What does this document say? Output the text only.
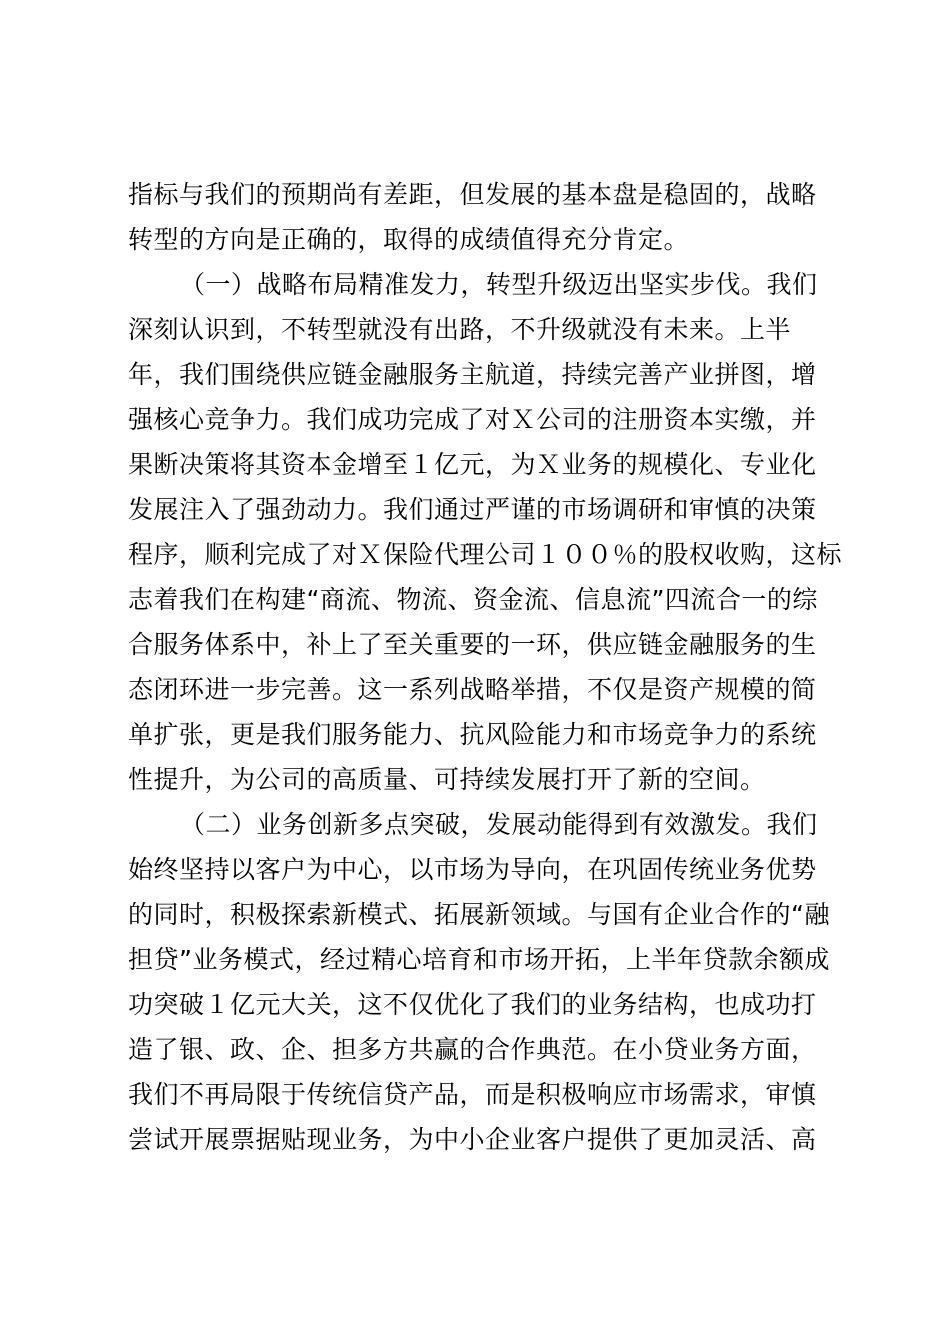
指标与我们的预期尚有差距，但发展的基本盘是稳固的，战略
转型的方向是正确的，取得的成绩值得充分肯定。
（一）战略布局精准发力，转型升级迈出坚实步伐。我们
深刻认识到，不转型就没有出路，不升级就没有未来。上半
年，我们围绕供应链金融服务主航道，持续完善产业拼图，增
强核心竞争力。我们成功完成了对Ｘ公司的注册资本实缴，并
果断决策将其资本金增至１亿元，为Ｘ业务的规模化、专业化
发展注入了强劲动力。我们通过严谨的市场调研和审慎的决策
程序，顺利完成了对Ｘ保险代理公司１００％的股权收购，这标
志着我们在构建“商流、物流、资金流、信息流”四流合一的综
合服务体系中，补上了至关重要的一环，供应链金融服务的生
态闭环进一步完善。这一系列战略举措，不仅是资产规模的简
单扩张，更是我们服务能力、抗风险能力和市场竞争力的系统
性提升，为公司的高质量、可持续发展打开了新的空间。
（二）业务创新多点突破，发展动能得到有效激发。我们
始终坚持以客户为中心，以市场为导向，在巩固传统业务优势
的同时，积极探索新模式、拓展新领域。与国有企业合作的“融
担贷”业务模式，经过精心培育和市场开拓，上半年贷款余额成
功突破１亿元大关，这不仅优化了我们的业务结构，也成功打
造了银、政、企、担多方共赢的合作典范。在小贷业务方面，
我们不再局限于传统信贷产品，而是积极响应市场需求，审慎
尝试开展票据贴现业务，为中小企业客户提供了更加灵活、高
